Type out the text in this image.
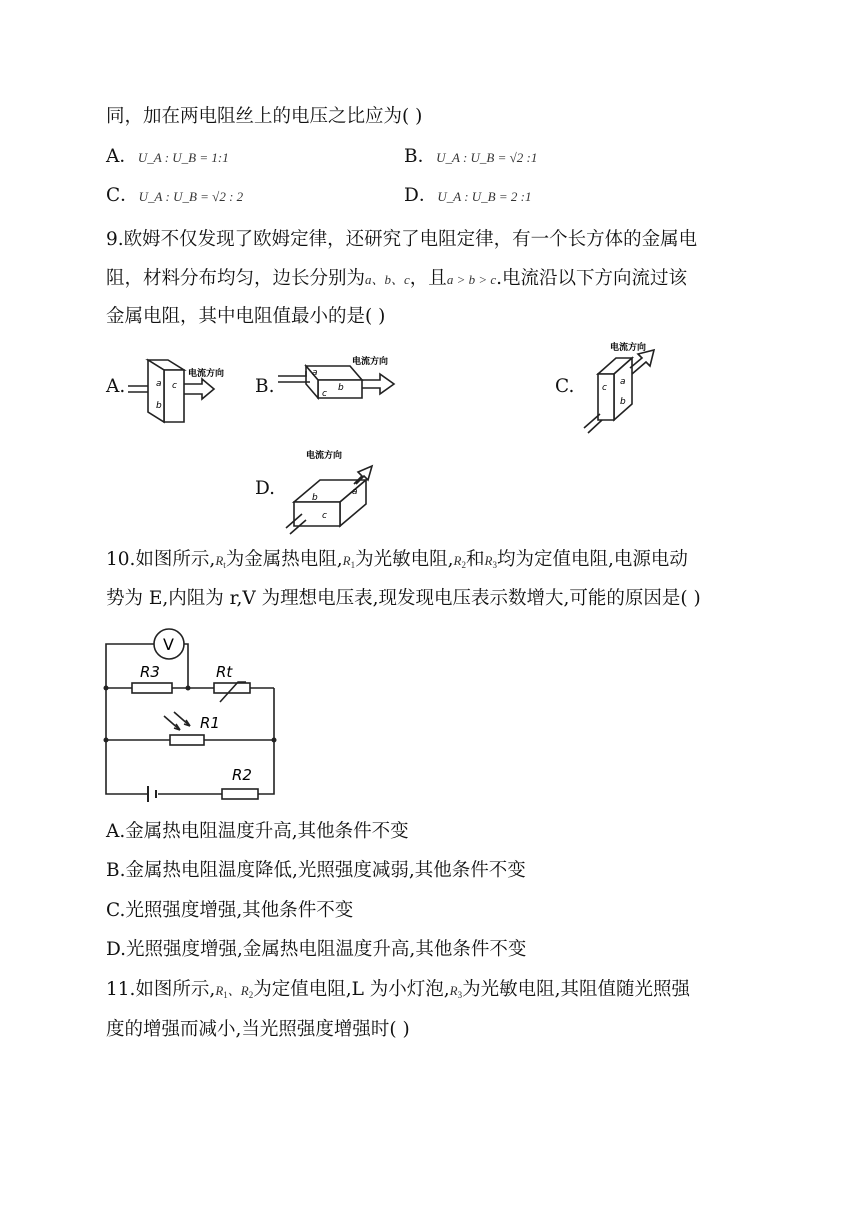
同，加在两电阻丝上的电压之比应为( )
A．U_A : U_B = 1:1	B．U_A : U_B = √2 :1
C．U_A : U_B = √2 : 2	D．U_A : U_B = 2 :1
9.欧姆不仅发现了欧姆定律，还研究了电阻定律，有一个长方体的金属电
阻，材料分布均匀，边长分别为a、b、c，且a > b > c.电流沿以下方向流过该
金属电阻，其中电阻值最小的是( )
A.	B.	C.
D.
电流方向
a c
b
电流方向
a
b
c
电流方向
c
a
b
电流方向
a
b
c
10.如图所示$,R_t$为金属热电阻$,R_1$为光敏电阻$,R_2$和$R_3$均为定值电阻,电源电动
势为 E,内阻为 r,V 为理想电压表,现发现电压表示数增大,可能的原因是( )
V
R3	Rt
R1
R2
A.金属热电阻温度升高,其他条件不变
B.金属热电阻温度降低,光照强度减弱,其他条件不变
C.光照强度增强,其他条件不变
D.光照强度增强,金属热电阻温度升高,其他条件不变
11.如图所示$,R_1$、$R_2$为定值电阻,L 为小灯泡$,R_3$为光敏电阻,其阻值随光照强
度的增强而减小,当光照强度增强时( )
